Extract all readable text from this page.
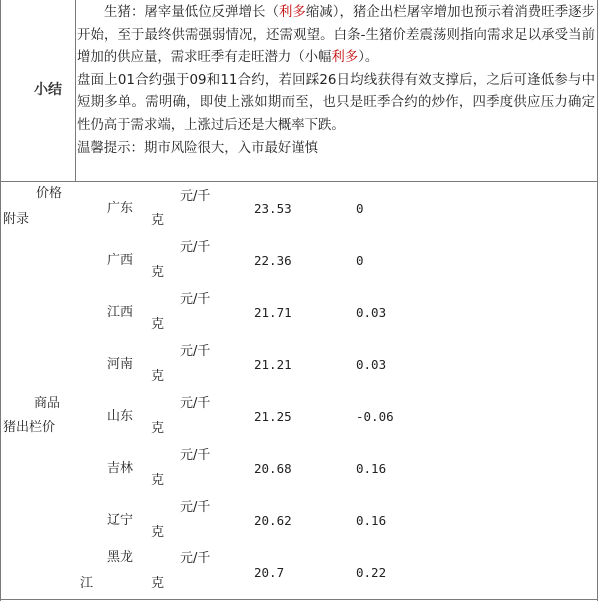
小结

生猪：屠宰量低位反弹增长（利多缩减），猪企出栏屠宰增加也预示着消费旺季逐步开始，至于最终供需强弱情况，还需观望。白条-生猪价差震荡则指向需求足以承受当前增加的供应量，需求旺季有走旺潜力（小幅利多）。

盘面上01合约强于09和11合约，若回踩26日均线获得有效支撑后，之后可逢低参与中短期多单。需明确，即使上涨如期而至，也只是旺季合约的炒作，四季度供应压力确定性仍高于需求端，上涨过后还是大概率下跌。

温馨提示：期市风险很大，入市最好谨慎

价格
附录
商品
猪出栏价
广东
元/千
克
23.53	0
广西
元/千
克
22.36	0
江西
元/千
克
21.71	0.03
河南
元/千
克
21.21	0.03
山东
元/千
克
21.25	-0.06
吉林
元/千
克
20.68	0.16
辽宁
元/千
克
20.62	0.16
黑龙
江
元/千
克
20.7	0.22
